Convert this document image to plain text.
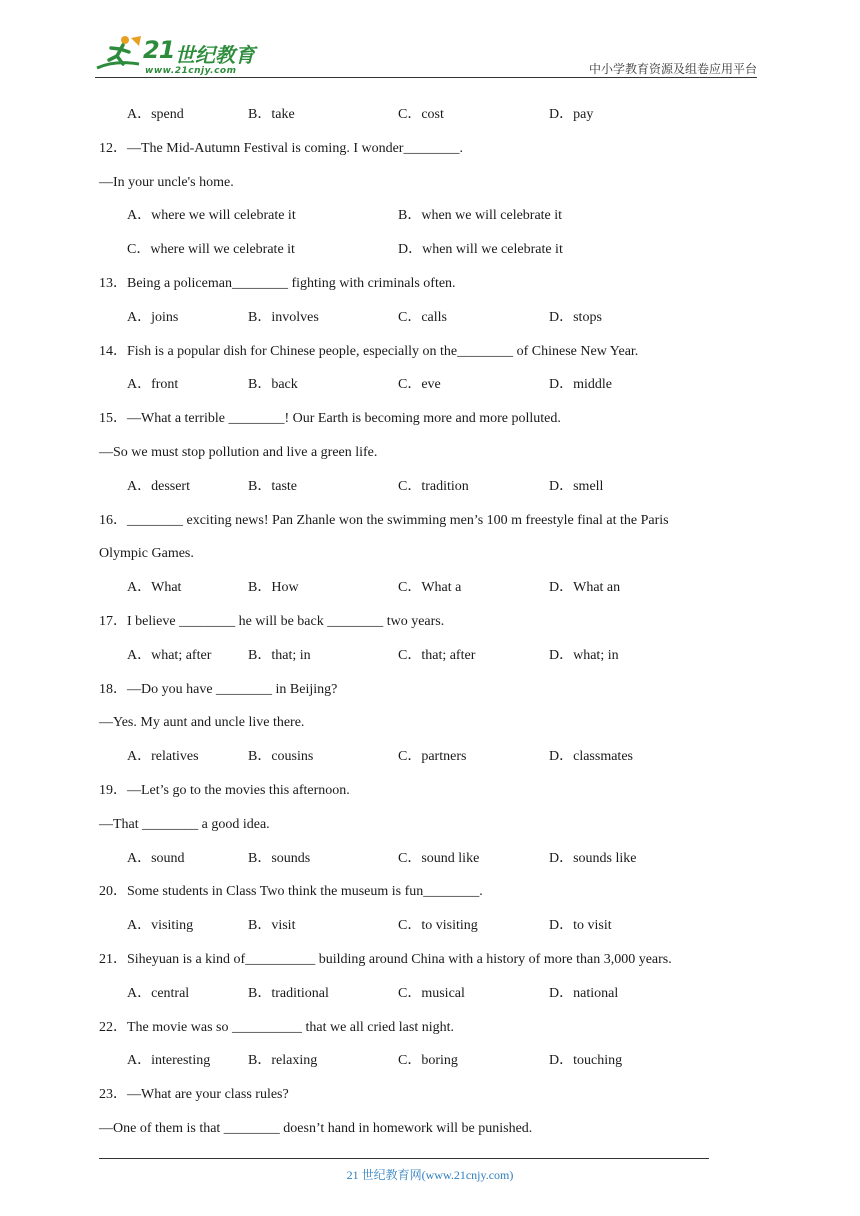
21 世纪教育
www.21cnjy.com	中小学教育资源及组卷应用平台
A．spend	B．take	C．cost	D．pay
12．—The Mid-Autumn Festival is coming. I wonder________.
—In your uncle's home.
A．where we will celebrate it	B．when we will celebrate it
C．where will we celebrate it	D．when will we celebrate it
13．Being a policeman________ fighting with criminals often.
A．joins	B．involves	C．calls	D．stops
14．Fish is a popular dish for Chinese people, especially on the________ of Chinese New Year.
A．front	B．back	C．eve	D．middle
15．—What a terrible ________! Our Earth is becoming more and more polluted.
—So we must stop pollution and live a green life.
A．dessert	B．taste	C．tradition	D．smell
16．________ exciting news! Pan Zhanle won the swimming men’s 100 m freestyle final at the Paris
Olympic Games.
A．What	B．How	C．What a	D．What an
17．I believe ________ he will be back ________ two years.
A．what; after	B．that; in	C．that; after	D．what; in
18．—Do you have ________ in Beijing?
—Yes. My aunt and uncle live there.
A．relatives	B．cousins	C．partners	D．classmates
19．—Let’s go to the movies this afternoon.
—That ________ a good idea.
A．sound	B．sounds	C．sound like	D．sounds like
20．Some students in Class Two think the museum is fun________.
A．visiting	B．visit	C．to visiting	D．to visit
21．Siheyuan is a kind of__________ building around China with a history of more than 3,000 years.
A．central	B．traditional	C．musical	D．national
22．The movie was so __________ that we all cried last night.
A．interesting	B．relaxing	C．boring	D．touching
23．—What are your class rules?
—One of them is that ________ doesn’t hand in homework will be punished.
21 世纪教育网(www.21cnjy.com)
